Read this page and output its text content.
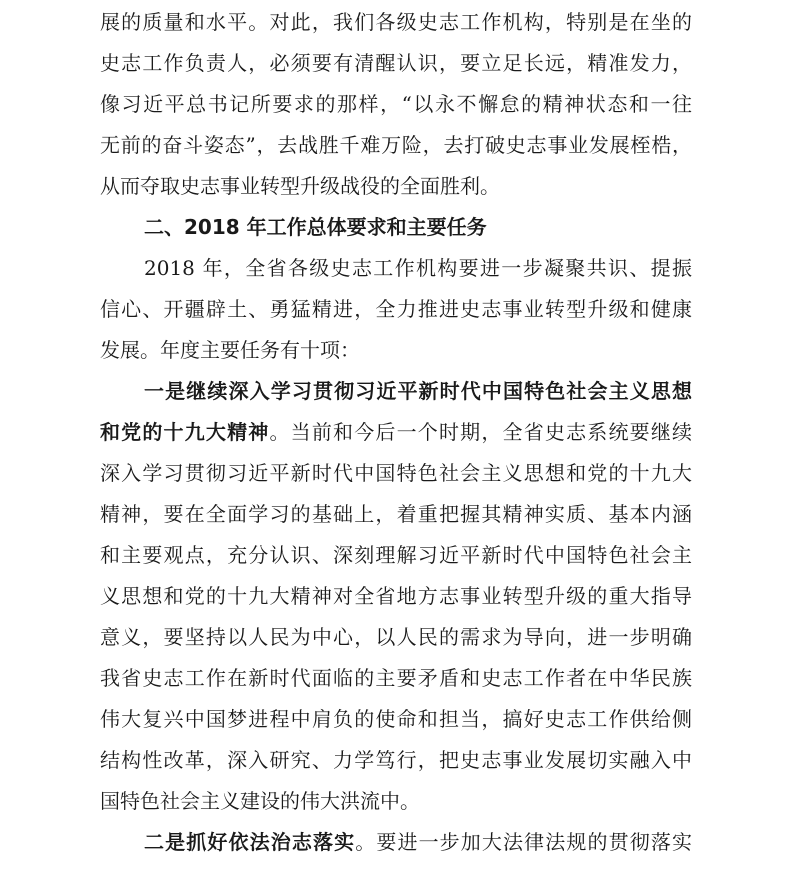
展的质量和水平。对此，我们各级史志工作机构，特别是在坐的
史志工作负责人，必须要有清醒认识，要立足长远，精准发力，
像习近平总书记所要求的那样，“以永不懈怠的精神状态和一往
无前的奋斗姿态”，去战胜千难万险，去打破史志事业发展桎梏，
从而夺取史志事业转型升级战役的全面胜利。
二、2018 年工作总体要求和主要任务
2018 年，全省各级史志工作机构要进一步凝聚共识、提振
信心、开疆辟土、勇猛精进，全力推进史志事业转型升级和健康
发展。年度主要任务有十项：
一是继续深入学习贯彻习近平新时代中国特色社会主义思想
和党的十九大精神。当前和今后一个时期，全省史志系统要继续
深入学习贯彻习近平新时代中国特色社会主义思想和党的十九大
精神，要在全面学习的基础上，着重把握其精神实质、基本内涵
和主要观点，充分认识、深刻理解习近平新时代中国特色社会主
义思想和党的十九大精神对全省地方志事业转型升级的重大指导
意义，要坚持以人民为中心，以人民的需求为导向，进一步明确
我省史志工作在新时代面临的主要矛盾和史志工作者在中华民族
伟大复兴中国梦进程中肩负的使命和担当，搞好史志工作供给侧
结构性改革，深入研究、力学笃行，把史志事业发展切实融入中
国特色社会主义建设的伟大洪流中。
二是抓好依法治志落实。要进一步加大法律法规的贯彻落实
